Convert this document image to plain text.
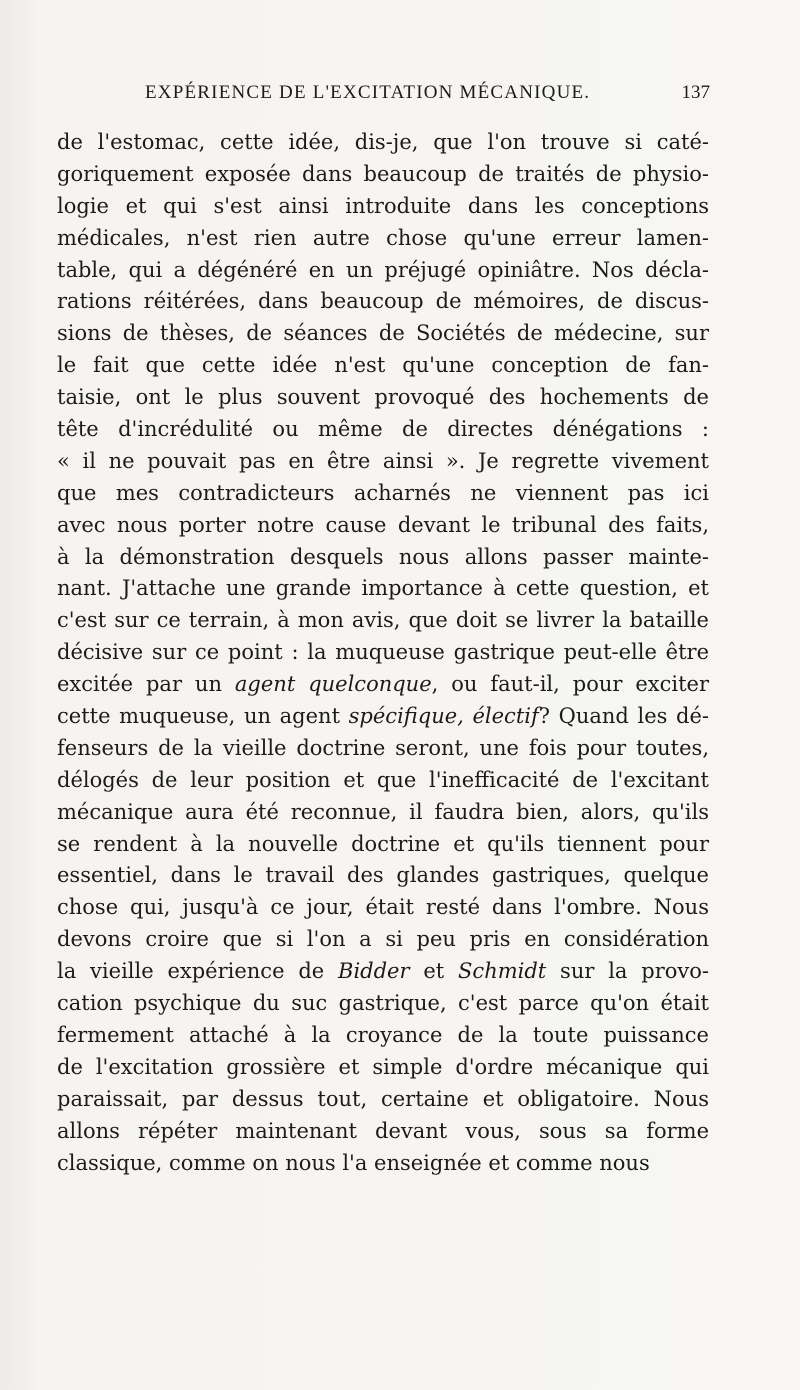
EXPÉRIENCE DE L'EXCITATION MÉCANIQUE.	137
de l'estomac, cette idée, dis-je, que l'on trouve si caté-
goriquement exposée dans beaucoup de traités de physio-
logie et qui s'est ainsi introduite dans les conceptions
médicales, n'est rien autre chose qu'une erreur lamen-
table, qui a dégénéré en un préjugé opiniâtre. Nos décla-
rations réitérées, dans beaucoup de mémoires, de discus-
sions de thèses, de séances de Sociétés de médecine, sur
le fait que cette idée n'est qu'une conception de fan-
taisie, ont le plus souvent provoqué des hochements de
tête d'incrédulité ou même de directes dénégations :
« il ne pouvait pas en être ainsi ». Je regrette vivement
que mes contradicteurs acharnés ne viennent pas ici
avec nous porter notre cause devant le tribunal des faits,
à la démonstration desquels nous allons passer mainte-
nant. J'attache une grande importance à cette question, et
c'est sur ce terrain, à mon avis, que doit se livrer la bataille
décisive sur ce point : la muqueuse gastrique peut-elle être
excitée par un agent quelconque, ou faut-il, pour exciter
cette muqueuse, un agent spécifique, électif? Quand les dé-
fenseurs de la vieille doctrine seront, une fois pour toutes,
délogés de leur position et que l'inefficacité de l'excitant
mécanique aura été reconnue, il faudra bien, alors, qu'ils
se rendent à la nouvelle doctrine et qu'ils tiennent pour
essentiel, dans le travail des glandes gastriques, quelque
chose qui, jusqu'à ce jour, était resté dans l'ombre. Nous
devons croire que si l'on a si peu pris en considération
la vieille expérience de Bidder et Schmidt sur la provo-
cation psychique du suc gastrique, c'est parce qu'on était
fermement attaché à la croyance de la toute puissance
de l'excitation grossière et simple d'ordre mécanique qui
paraissait, par dessus tout, certaine et obligatoire. Nous
allons répéter maintenant devant vous, sous sa forme
classique, comme on nous l'a enseignée et comme nous
